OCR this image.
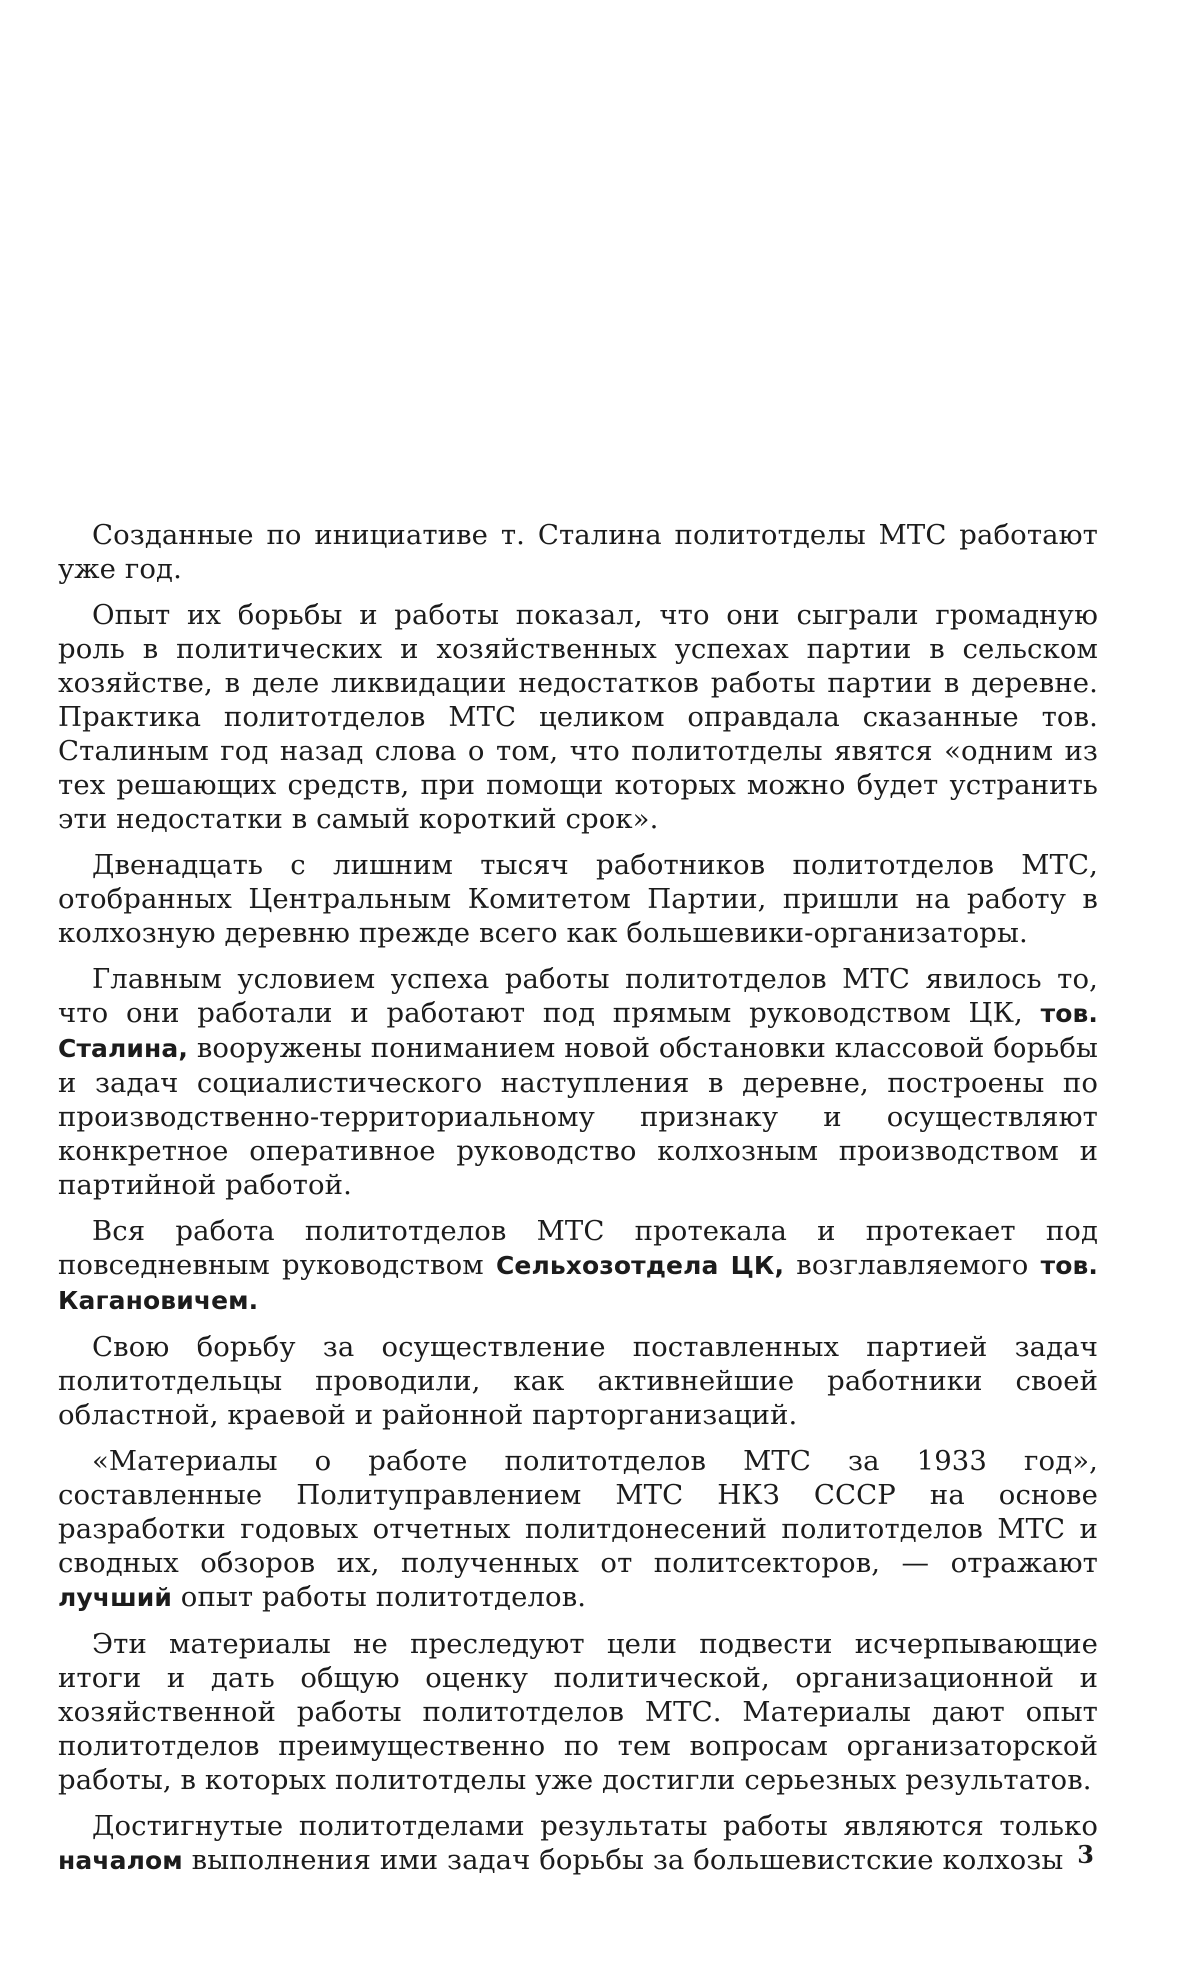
Созданные по инициативе т. Сталина политотделы МТС работают уже год.

Опыт их борьбы и работы показал, что они сыграли громадную роль в политических и хозяйственных успехах партии в сельском хозяйстве, в деле ликвидации недостатков работы партии в деревне. Практика политотделов МТС целиком оправдала сказанные тов. Сталиным год назад слова о том, что политотделы явятся «одним из тех решающих средств, при помощи которых можно будет устранить эти недостатки в самый короткий срок».

Двенадцать с лишним тысяч работников политотделов МТС, отобранных Центральным Комитетом Партии, пришли на работу в колхозную деревню прежде всего как большевики-организаторы.

Главным условием успеха работы политотделов МТС явилось то, что они работали и работают под прямым руководством ЦК, тов. Сталина, вооружены пониманием новой обстановки классовой борьбы и задач социалистического наступления в деревне, построены по производственно-территориальному признаку и осуществляют конкретное оперативное руководство колхозным производством и партийной работой.

Вся работа политотделов МТС протекала и протекает под повседневным руководством Сельхозотдела ЦК, возглавляемого тов. Кагановичем.

Свою борьбу за осуществление поставленных партией задач политотдельцы проводили, как активнейшие работники своей областной, краевой и районной парторганизаций.

«Материалы о работе политотделов МТС за 1933 год», составленные Политуправлением МТС НКЗ СССР на основе разработки годовых отчетных политдонесений политотделов МТС и сводных обзоров их, полученных от политсекторов, — отражают лучший опыт работы политотделов.

Эти материалы не преследуют цели подвести исчерпывающие итоги и дать общую оценку политической, организационной и хозяйственной работы политотделов МТС. Материалы дают опыт политотделов преимущественно по тем вопросам организаторской работы, в которых политотделы уже достигли серьезных результатов.

Достигнутые политотделами результаты работы являются только началом выполнения ими задач борьбы за большевистские колхозы 3
